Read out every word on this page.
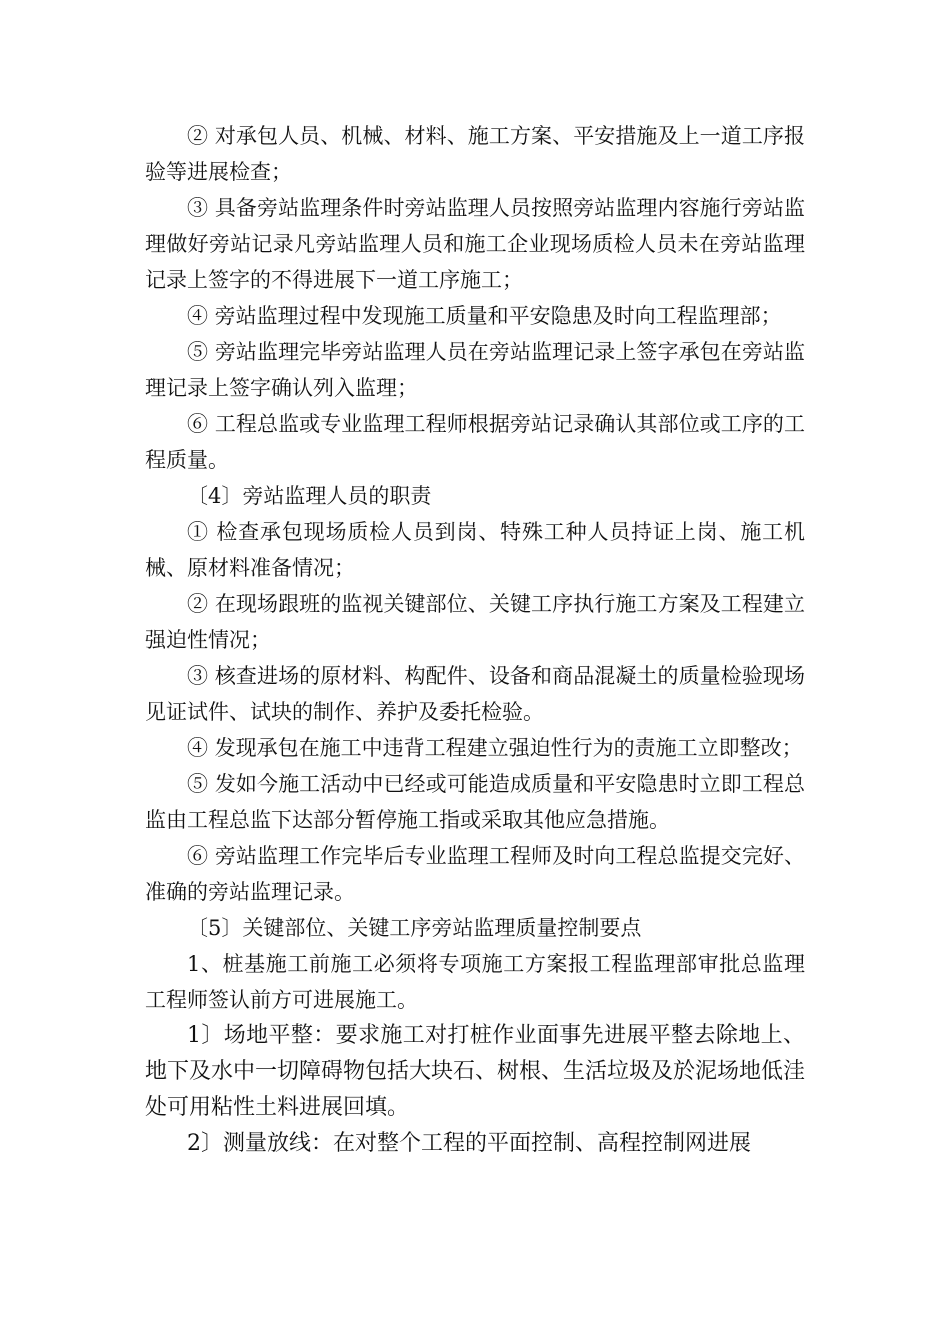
② 对承包人员、机械、材料、施工方案、平安措施及上一道工序报验等进展检查；

③ 具备旁站监理条件时旁站监理人员按照旁站监理内容施行旁站监理做好旁站记录凡旁站监理人员和施工企业现场质检人员未在旁站监理记录上签字的不得进展下一道工序施工；

④ 旁站监理过程中发现施工质量和平安隐患及时向工程监理部；

⑤ 旁站监理完毕旁站监理人员在旁站监理记录上签字承包在旁站监理记录上签字确认列入监理；

⑥ 工程总监或专业监理工程师根据旁站记录确认其部位或工序的工程质量。

〔4〕旁站监理人员的职责

① 检查承包现场质检人员到岗、特殊工种人员持证上岗、施工机械、原材料准备情况；

② 在现场跟班的监视关键部位、关键工序执行施工方案及工程建立强迫性情况；

③ 核查进场的原材料、构配件、设备和商品混凝土的质量检验现场见证试件、试块的制作、养护及委托检验。

④ 发现承包在施工中违背工程建立强迫性行为的责施工立即整改；

⑤ 发如今施工活动中已经或可能造成质量和平安隐患时立即工程总监由工程总监下达部分暂停施工指或采取其他应急措施。

⑥ 旁站监理工作完毕后专业监理工程师及时向工程总监提交完好、准确的旁站监理记录。

〔5〕关键部位、关键工序旁站监理质量控制要点

1、桩基施工前施工必须将专项施工方案报工程监理部审批总监理工程师签认前方可进展施工。

1〕场地平整：要求施工对打桩作业面事先进展平整去除地上、地下及水中一切障碍物包括大块石、树根、生活垃圾及於泥场地低洼处可用粘性土料进展回填。

2〕测量放线：在对整个工程的平面控制、高程控制网进展
